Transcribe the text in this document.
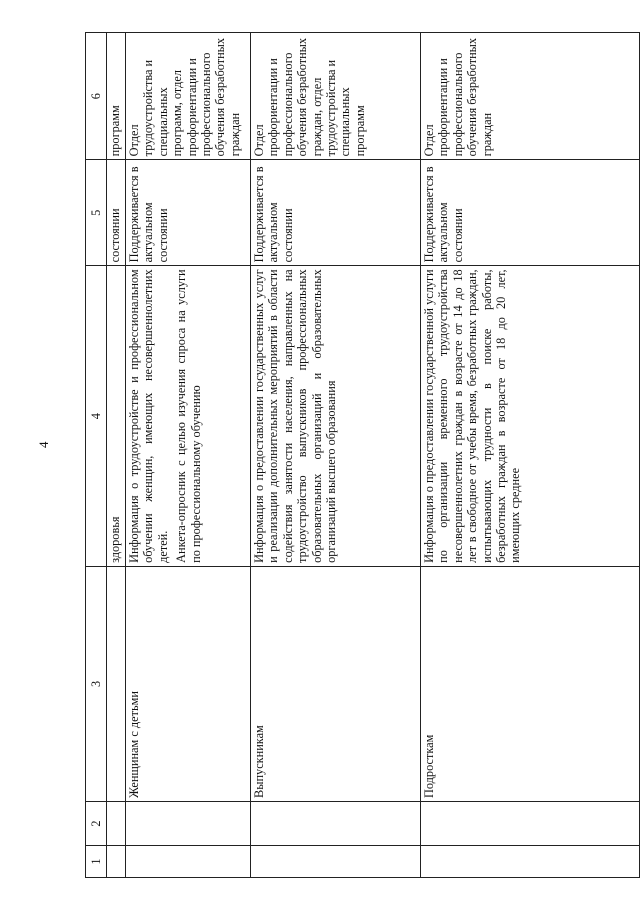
4
1	2	3	4	5	6
			здоровья	состоянии	программ
		Женщинам с детьми	Информация о трудоустройстве и профессиональном обучении женщин, имеющих несовершеннолетних детей. Анкета-опросник с целью изучения спроса на услуги по профессиональному обучению	Поддерживается в актуальном состоянии	Отдел трудоустройства и специальных программ, отдел профориентации и профессионального обучения безработных граждан
		Выпускникам	Информация о предоставлении государственных услуг и реализации дополнительных мероприятий в области содействия занятости населения, направленных на трудоустройство выпускников профессиональных образовательных организаций и образовательных организаций высшего образования	Поддерживается в актуальном состоянии	Отдел профориентации и профессионального обучения безработных граждан, отдел трудоустройства и специальных программ
		Подросткам	Информация о предоставлении государственной услуги по организации временного трудоустройства несовершеннолетних граждан в возрасте от 14 до 18 лет в свободное от учебы время, безработных граждан, испытывающих трудности в поиске работы, безработных граждан в возрасте от 18 до 20 лет, имеющих среднее	Поддерживается в актуальном состоянии	Отдел профориентации и профессионального обучения безработных граждан
